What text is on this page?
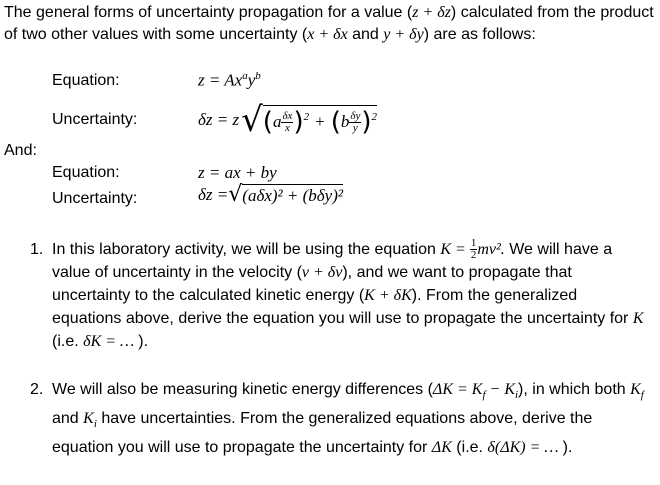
The general forms of uncertainty propagation for a value (z + δz) calculated from the product of two other values with some uncertainty (x + δx and y + δy) are as follows:
Equation:	$z = Ax^ay^b$
Uncertainty:	δz = z √ ( a $\frac{\delta x}{x} )^2$ + ( b $\frac{\delta y}{y} )^2$
And:
Equation:	z = ax + by
Uncertainty:	δz = √ (aδx)² + (bδy)²
1. In this laboratory activity, we will be using the equation $K = \frac{1}{2} mv^2$. We will have a value of uncertainty in the velocity (v + δv), and we want to propagate that uncertainty to the calculated kinetic energy (K + δK). From the generalized equations above, derive the equation you will use to propagate the uncertainty for K (i.e. δK = … ).
2. We will also be measuring kinetic energy differences $(\Delta K = K_f - K_i)$, in which both $K_f$ and $K_i$ have uncertainties. From the generalized equations above, derive the equation you will use to propagate the uncertainty for ΔK (i.e. δ(ΔK) = … ).
